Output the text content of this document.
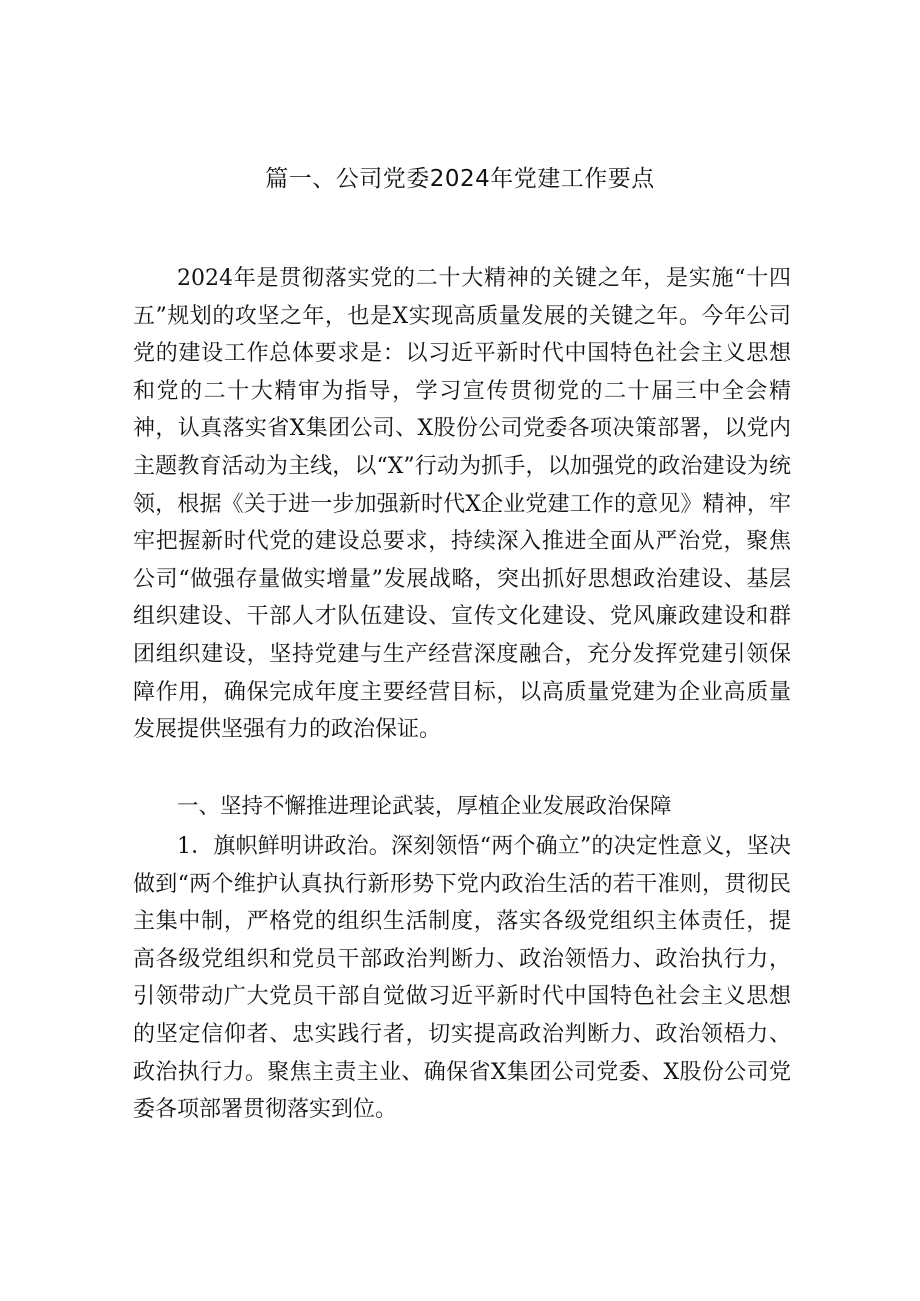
篇一、公司党委2024年党建工作要点

2024年是贯彻落实党的二十大精神的关键之年，是实施“十四五”规划的攻坚之年，也是X实现高质量发展的关键之年。今年公司党的建设工作总体要求是：以习近平新时代中国特色社会主义思想和党的二十大精审为指导，学习宣传贯彻党的二十届三中全会精神，认真落实省X集团公司、X股份公司党委各项决策部署，以党内主题教育活动为主线，以“X”行动为抓手，以加强党的政治建设为统领，根据《关于进一步加强新时代X企业党建工作的意见》精神，牢牢把握新时代党的建设总要求，持续深入推进全面从严治党，聚焦公司“做强存量做实增量”发展战略，突出抓好思想政治建设、基层组织建设、干部人才队伍建设、宣传文化建设、党风廉政建设和群团组织建设，坚持党建与生产经营深度融合，充分发挥党建引领保障作用，确保完成年度主要经营目标，以高质量党建为企业高质量发展提供坚强有力的政治保证。

一、坚持不懈推进理论武装，厚植企业发展政治保障

1．旗帜鲜明讲政治。深刻领悟“两个确立”的决定性意义，坚决做到“两个维护认真执行新形势下党内政治生活的若干准则，贯彻民主集中制，严格党的组织生活制度，落实各级党组织主体责任，提高各级党组织和党员干部政治判断力、政治领悟力、政治执行力，引领带动广大党员干部自觉做习近平新时代中国特色社会主义思想的坚定信仰者、忠实践行者，切实提高政治判断力、政治领梧力、政治执行力。聚焦主责主业、确保省X集团公司党委、X股份公司党委各项部署贯彻落实到位。
